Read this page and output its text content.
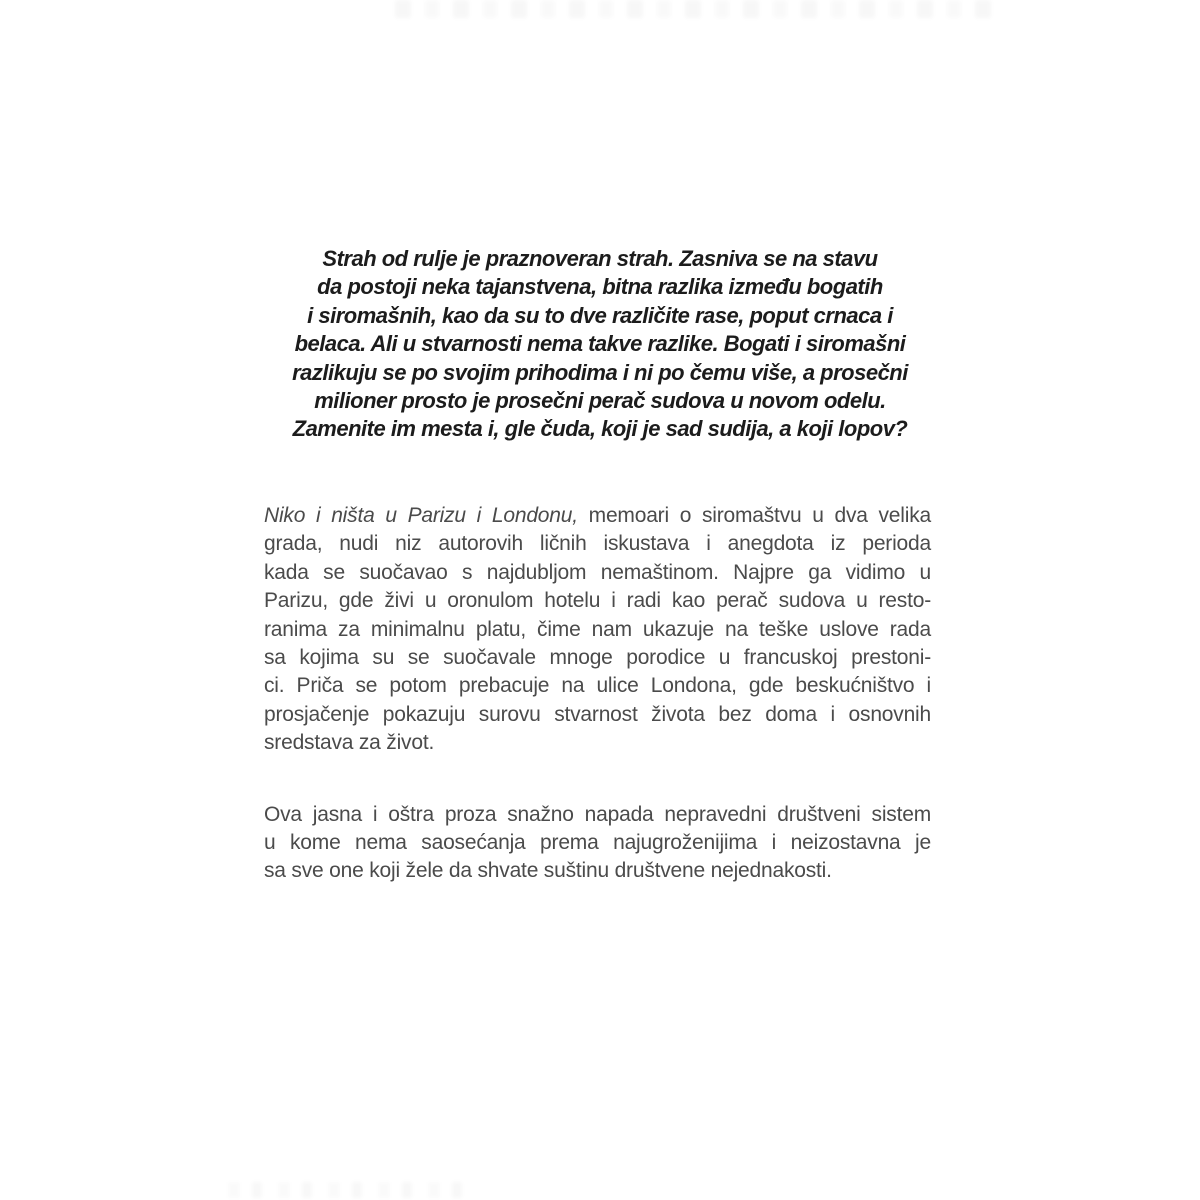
Strah od rulje je praznoveran strah. Zasniva se na stavu
da postoji neka tajanstvena, bitna razlika između bogatih
i siromašnih, kao da su to dve različite rase, poput crnaca i
belaca. Ali u stvarnosti nema takve razlike. Bogati i siromašni
razlikuju se po svojim prihodima i ni po čemu više, a prosečni
milioner prosto je prosečni perač sudova u novom odelu.
Zamenite im mesta i, gle čuda, koji je sad sudija, a koji lopov?
Niko i ništa u Parizu i Londonu, memoari o siromaštvu u dva velika
grada, nudi niz autorovih ličnih iskustava i anegdota iz perioda
kada se suočavao s najdubljom nemaštinom. Najpre ga vidimo u
Parizu, gde živi u oronulom hotelu i radi kao perač sudova u resto-
ranima za minimalnu platu, čime nam ukazuje na teške uslove rada
sa kojima su se suočavale mnoge porodice u francuskoj prestoni-
ci. Priča se potom prebacuje na ulice Londona, gde beskućništvo i
prosjačenje pokazuju surovu stvarnost života bez doma i osnovnih
sredstava za život.
Ova jasna i oštra proza snažno napada nepravedni društveni sistem
u kome nema saosećanja prema najugroženijima i neizostavna je
sa sve one koji žele da shvate suštinu društvene nejednakosti.
